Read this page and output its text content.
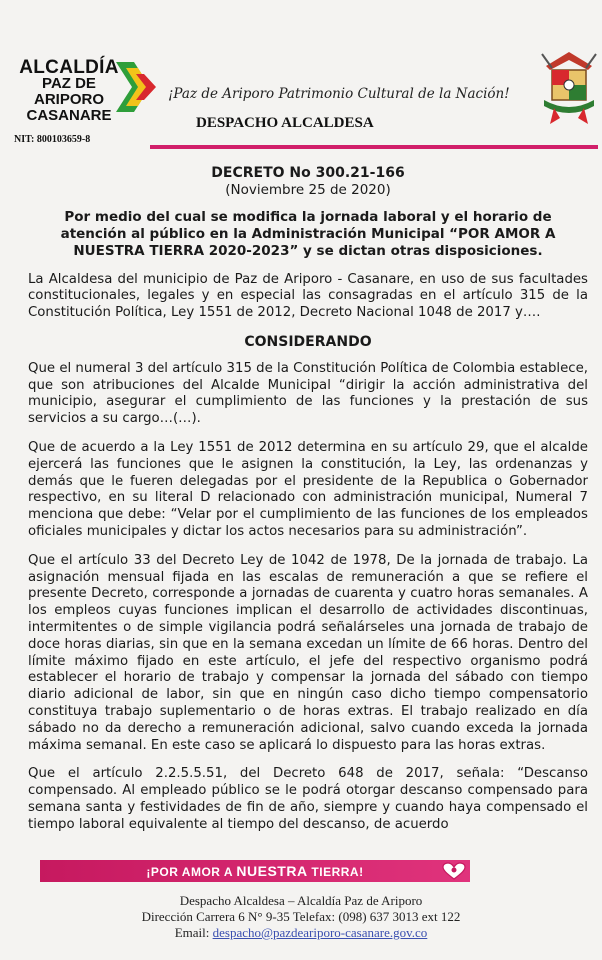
ALCALDÍA
PAZ DE ARIPORO
CASANARE
¡Paz de Ariporo Patrimonio Cultural de la Nación!
DESPACHO ALCALDESA
NIT: 800103659-8
DECRETO No 300.21-166
(Noviembre 25 de 2020)
Por medio del cual se modifica la jornada laboral y el horario de atención al público en la Administración Municipal “POR AMOR A NUESTRA TIERRA 2020-2023” y se dictan otras disposiciones.

La Alcaldesa del municipio de Paz de Ariporo - Casanare, en uso de sus facultades constitucionales, legales y en especial las consagradas en el artículo 315 de la Constitución Política, Ley 1551 de 2012, Decreto Nacional 1048 de 2017 y….

CONSIDERANDO

Que el numeral 3 del artículo 315 de la Constitución Política de Colombia establece, que son atribuciones del Alcalde Municipal “dirigir la acción administrativa del municipio, asegurar el cumplimiento de las funciones y la prestación de sus servicios a su cargo…(…).

Que de acuerdo a la Ley 1551 de 2012 determina en su artículo 29, que el alcalde ejercerá las funciones que le asignen la constitución, la Ley, las ordenanzas y demás que le fueren delegadas por el presidente de la Republica o Gobernador respectivo, en su literal D relacionado con administración municipal, Numeral 7 menciona que debe: “Velar por el cumplimiento de las funciones de los empleados oficiales municipales y dictar los actos necesarios para su administración”.

Que el artículo 33 del Decreto Ley de 1042 de 1978, De la jornada de trabajo. La asignación mensual fijada en las escalas de remuneración a que se refiere el presente Decreto, corresponde a jornadas de cuarenta y cuatro horas semanales. A los empleos cuyas funciones implican el desarrollo de actividades discontinuas, intermitentes o de simple vigilancia podrá señalárseles una jornada de trabajo de doce horas diarias, sin que en la semana excedan un límite de 66 horas. Dentro del límite máximo fijado en este artículo, el jefe del respectivo organismo podrá establecer el horario de trabajo y compensar la jornada del sábado con tiempo diario adicional de labor, sin que en ningún caso dicho tiempo compensatorio constituya trabajo suplementario o de horas extras. El trabajo realizado en día sábado no da derecho a remuneración adicional, salvo cuando exceda la jornada máxima semanal. En este caso se aplicará lo dispuesto para las horas extras.

Que el artículo 2.2.5.5.51, del Decreto 648 de 2017, señala: “Descanso compensado. Al empleado público se le podrá otorgar descanso compensado para semana santa y festividades de fin de año, siempre y cuando haya compensado el tiempo laboral equivalente al tiempo del descanso, de acuerdo

¡POR AMOR A NUESTRA TIERRA!
Despacho Alcaldesa – Alcaldía Paz de Ariporo
Dirección Carrera 6 N° 9-35 Telefax: (098) 637 3013 ext 122
Email: despacho@pazdeariporo-casanare.gov.co
